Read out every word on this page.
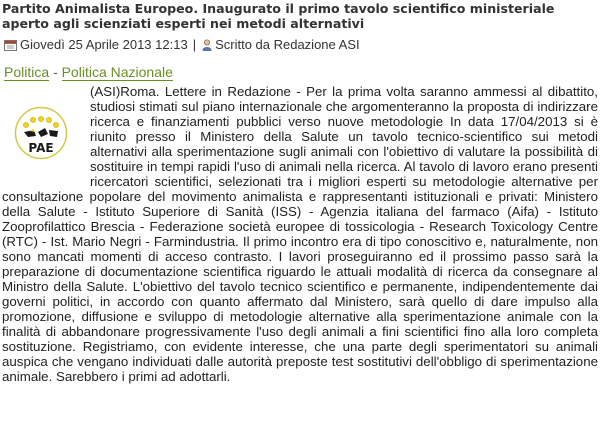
Partito Animalista Europeo. Inaugurato il primo tavolo scientifico ministeriale aperto agli scienziati esperti nei metodi alternativi
Giovedì 25 Aprile 2013 12:13 | Scritto da Redazione ASI
Politica - Politica Nazionale
PAE

(ASI)Roma. Lettere in Redazione - Per la prima volta saranno ammessi al dibattito, studiosi stimati sul piano internazionale che argomenteranno la proposta di indirizzare ricerca e finanziamenti pubblici verso nuove metodologie In data 17/04/2013 si è riunito presso il Ministero della Salute un tavolo tecnico-scientifico sui metodi alternativi alla sperimentazione sugli animali con l'obiettivo di valutare la possibilità di sostituire in tempi rapidi l'uso di animali nella ricerca. Al tavolo di lavoro erano presenti ricercatori scientifici, selezionati tra i migliori esperti su metodologie alternative per consultazione popolare del movimento animalista e rappresentanti istituzionali e privati: Ministero della Salute - Istituto Superiore di Sanità (ISS) - Agenzia italiana del farmaco (Aifa) - Istituto Zooprofilattico Brescia - Federazione società europee di tossicologia - Research Toxicology Centre (RTC) - Ist. Mario Negri - Farmindustria. Il primo incontro era di tipo conoscitivo e, naturalmente, non sono mancati momenti di acceso contrasto. I lavori proseguiranno ed il prossimo passo sarà la preparazione di documentazione scientifica riguardo le attuali modalità di ricerca da consegnare al Ministro della Salute. L'obiettivo del tavolo tecnico scientifico e permanente, indipendentemente dai governi politici, in accordo con quanto affermato dal Ministero, sarà quello di dare impulso alla promozione, diffusione e sviluppo di metodologie alternative alla sperimentazione animale con la finalità di abbandonare progressivamente l'uso degli animali a fini scientifici fino alla loro completa sostituzione. Registriamo, con evidente interesse, che una parte degli sperimentatori su animali auspica che vengano individuati dalle autorità preposte test sostitutivi dell'obbligo di sperimentazione animale. Sarebbero i primi ad adottarli.
